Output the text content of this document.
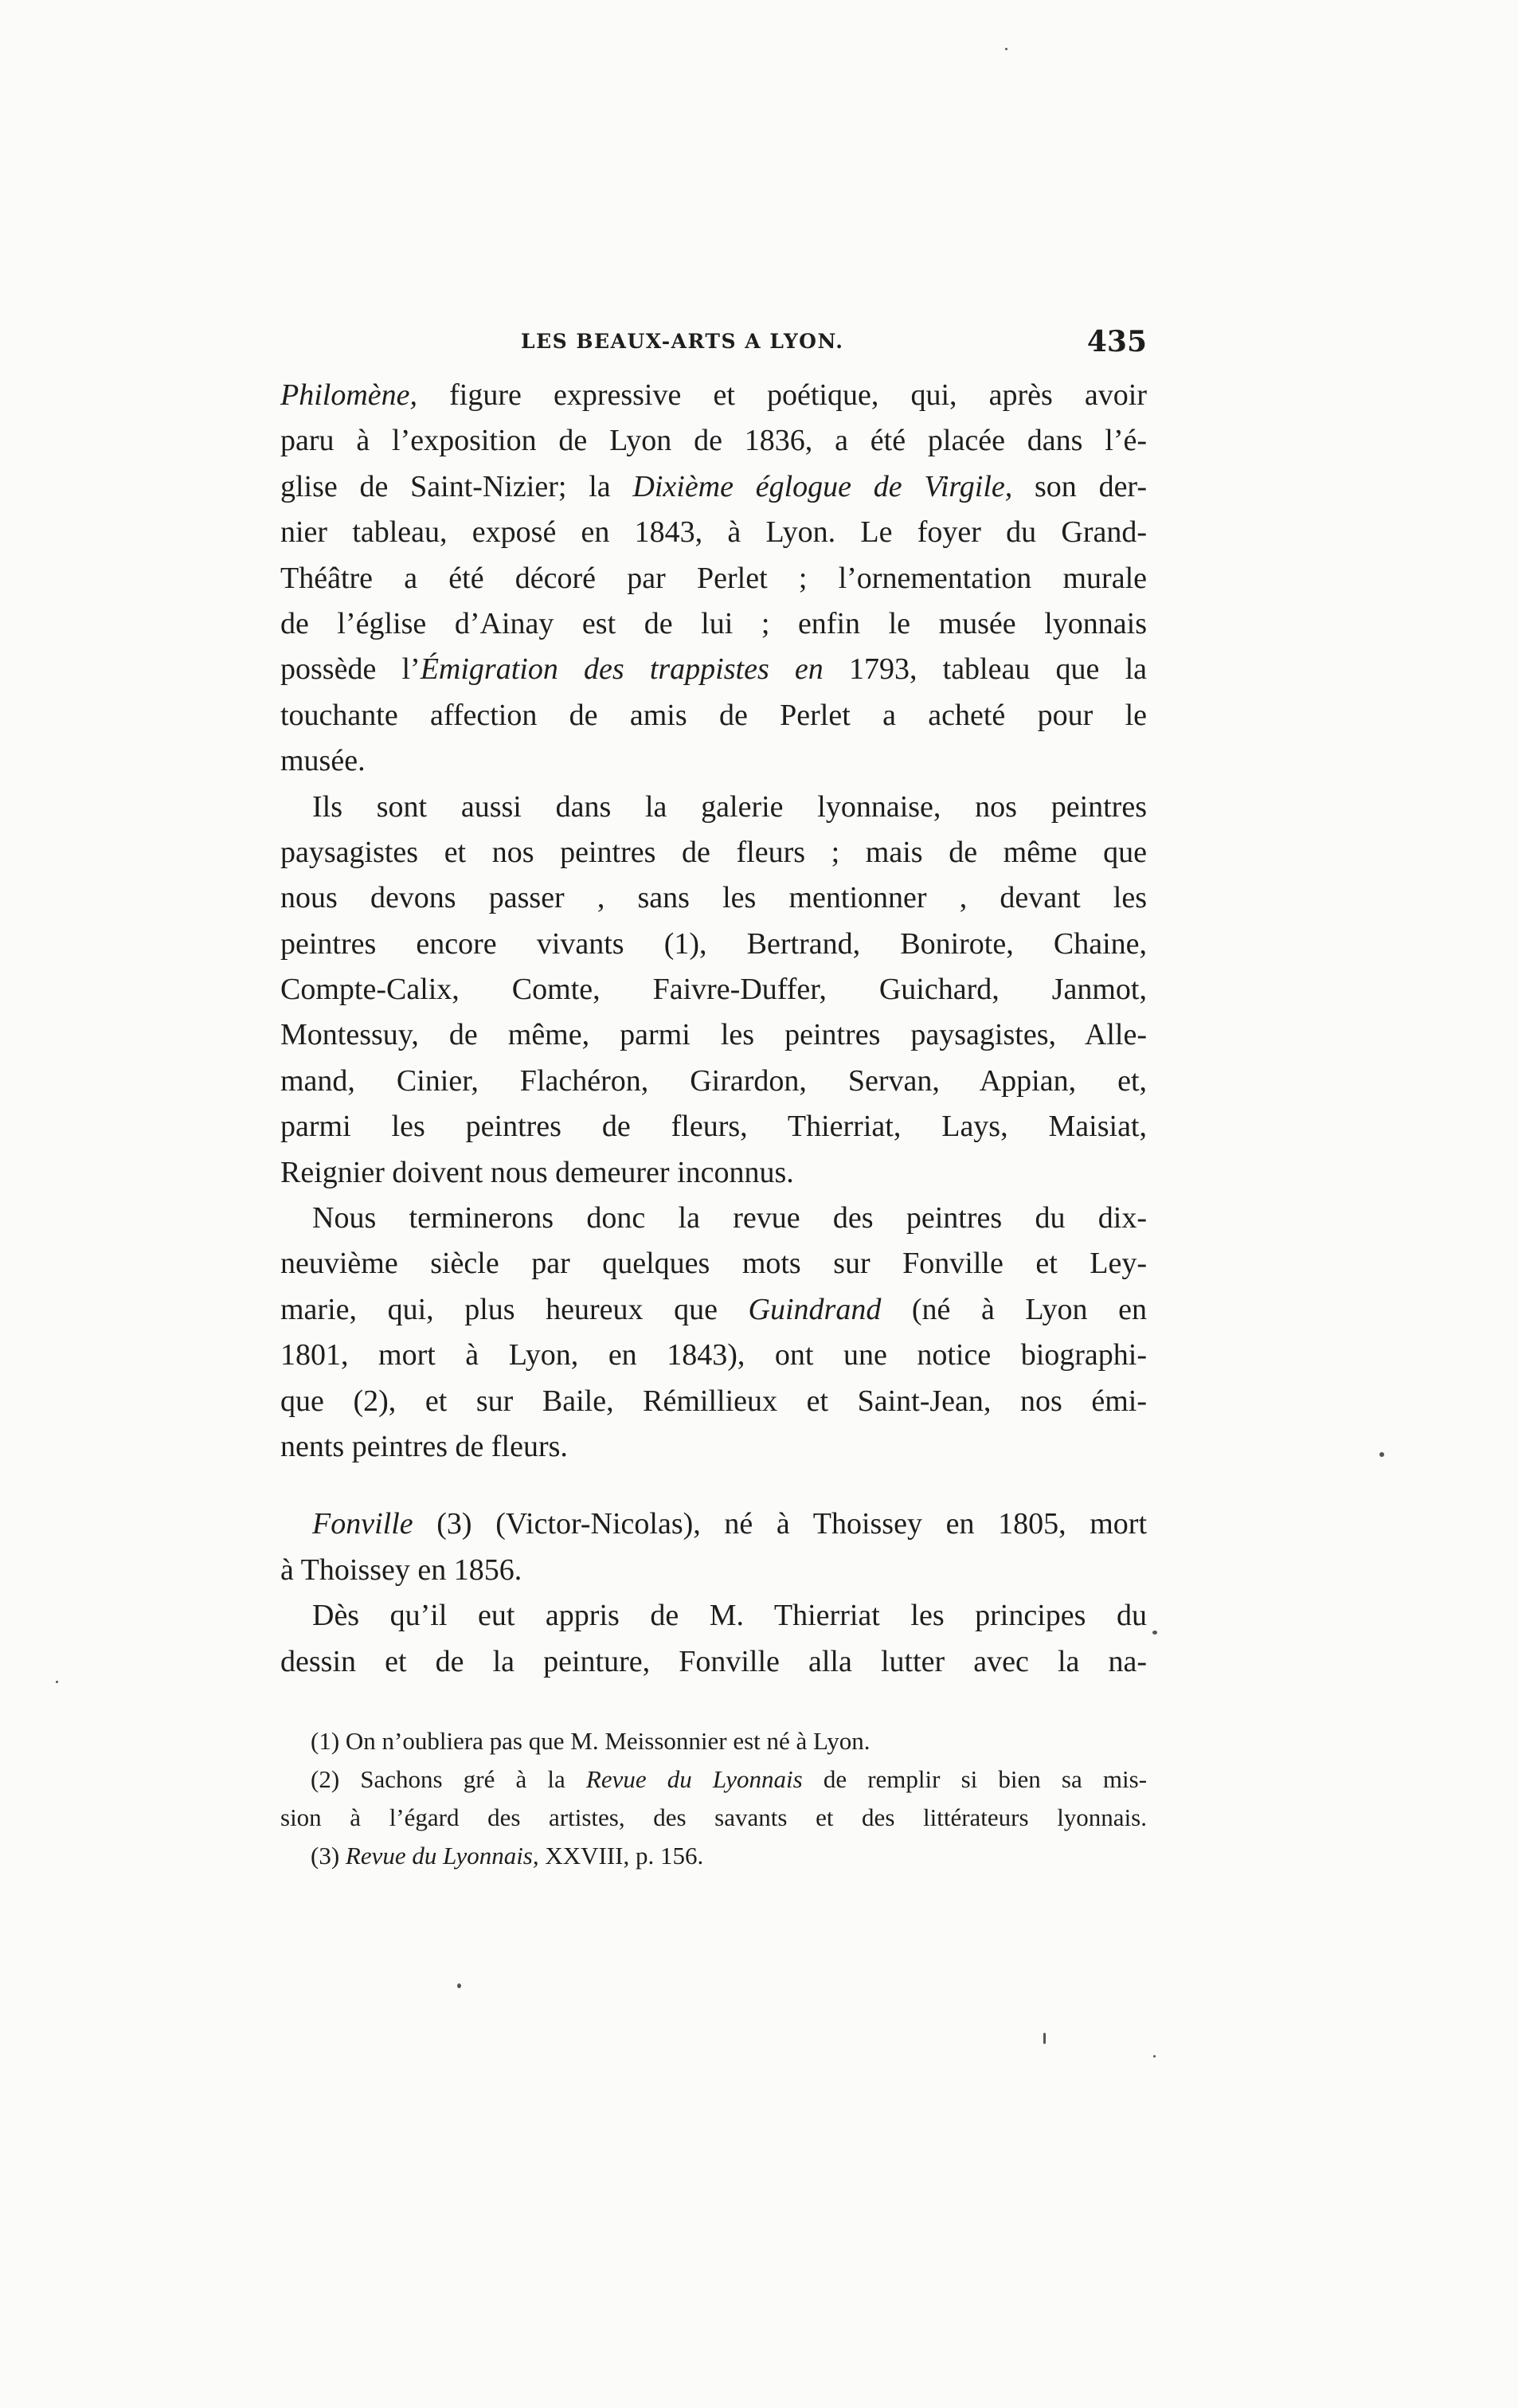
LES BEAUX-ARTS A LYON.	435
Philomène, figure expressive et poétique, qui, après avoir
paru à l’exposition de Lyon de 1836, a été placée dans l’é-
glise de Saint-Nizier; la Dixième églogue de Virgile, son der-
nier tableau, exposé en 1843, à Lyon. Le foyer du Grand-
Théâtre a été décoré par Perlet ; l’ornementation murale
de l’église d’Ainay est de lui ; enfin le musée lyonnais
possède l’Émigration des trappistes en 1793, tableau que la
touchante affection de amis de Perlet a acheté pour le
musée.
Ils sont aussi dans la galerie lyonnaise, nos peintres
paysagistes et nos peintres de fleurs ; mais de même que
nous devons passer , sans les mentionner , devant les
peintres encore vivants (1), Bertrand, Bonirote, Chaine,
Compte-Calix, Comte, Faivre-Duffer, Guichard, Janmot,
Montessuy, de même, parmi les peintres paysagistes, Alle-
mand, Cinier, Flachéron, Girardon, Servan, Appian, et,
parmi les peintres de fleurs, Thierriat, Lays, Maisiat,
Reignier doivent nous demeurer inconnus.
Nous terminerons donc la revue des peintres du dix-
neuvième siècle par quelques mots sur Fonville et Ley-
marie, qui, plus heureux que Guindrand (né à Lyon en
1801, mort à Lyon, en 1843), ont une notice biographi-
que (2), et sur Baile, Rémillieux et Saint-Jean, nos émi-
nents peintres de fleurs.
Fonville (3) (Victor-Nicolas), né à Thoissey en 1805, mort
à Thoissey en 1856.
Dès qu’il eut appris de M. Thierriat les principes du
dessin et de la peinture, Fonville alla lutter avec la na-
(1) On n’oubliera pas que M. Meissonnier est né à Lyon.
(2) Sachons gré à la Revue du Lyonnais de remplir si bien sa mis-
sion à l’égard des artistes, des savants et des littérateurs lyonnais.
(3) Revue du Lyonnais, XXVIII, p. 156.
